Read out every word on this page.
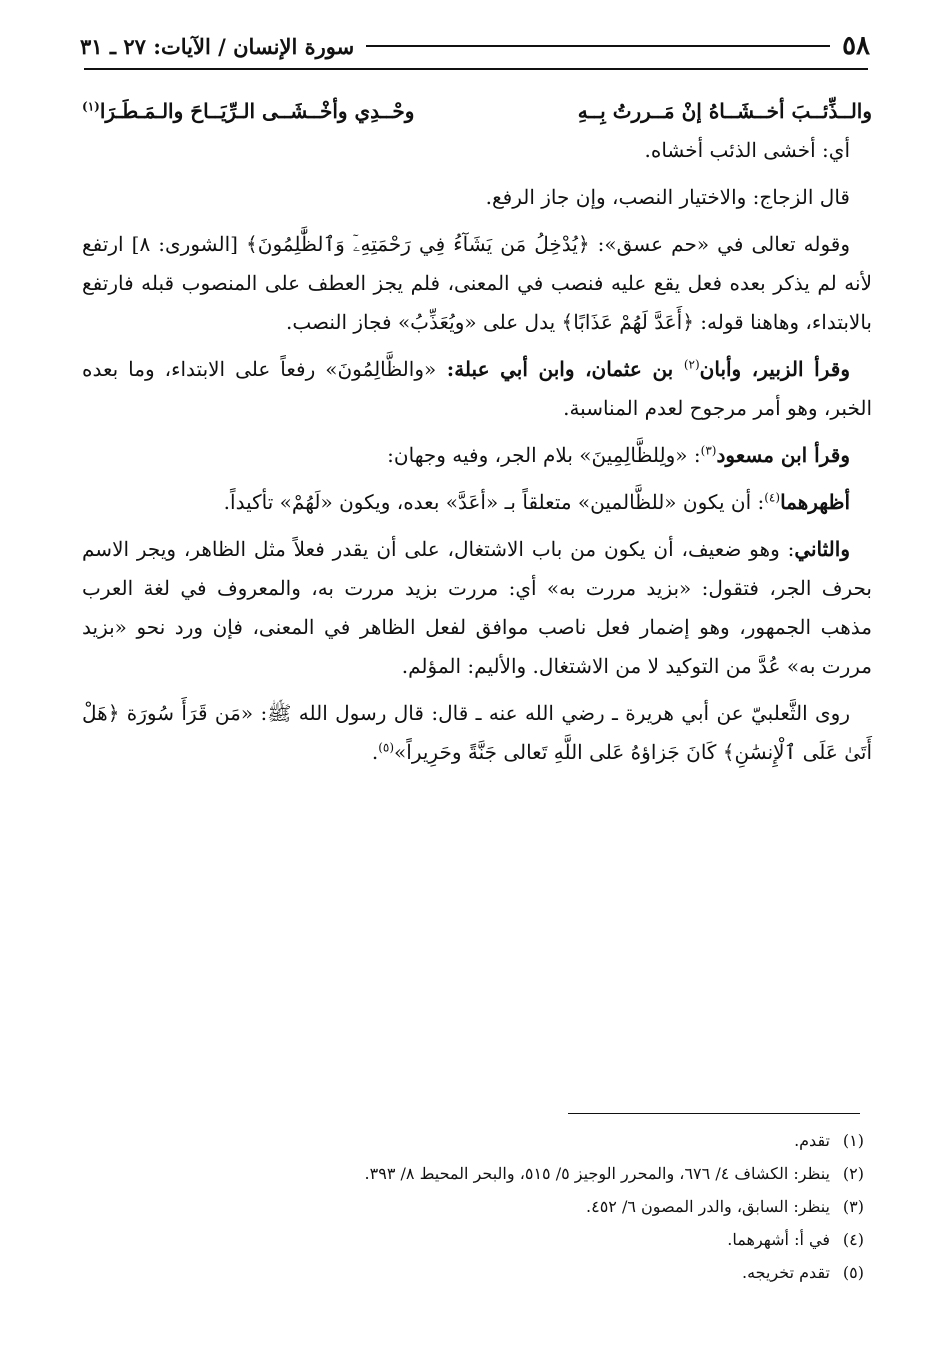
٥٨
سورة الإنسان / الآيات: ٢٧ ـ ٣١
والــذِّئــبَ أخــشَــاهُ إنْ مَــررتُ بِــهِ
وحْــدِي وأخْــشَــى الـرِّيَــاحَ والـمَـطَـرَا$^{(١)}$

أي: أخشى الذئب أخشاه.

قال الزجاج: والاختيار النصب، وإن جاز الرفع.

وقوله تعالى في «حم عسق»: ﴿يُدْخِلُ مَن يَشَآءُ فِي رَحْمَتِهِۦٓ وَٱلظَّٰلِمُونَ﴾ [الشورى: ٨] ارتفع لأنه لم يذكر بعده فعل يقع عليه فنصب في المعنى، فلم يجز العطف على المنصوب قبله فارتفع بالابتداء، وهاهنا قوله: ﴿أَعَدَّ لَهُمْ عَذَابًا﴾ يدل على «ويُعَذِّبُ» فجاز النصب.

وقرأ الزبير، وأبان$^{(٢)}$ بن عثمان، وابن أبي عبلة: «والظَّالِمُونَ» رفعاً على الابتداء، وما بعده الخبر، وهو أمر مرجوح لعدم المناسبة.

وقرأ ابن مسعود$^{(٣)}$: «ولِلظَّالِمِينَ» بلام الجر، وفيه وجهان:

أظهرهما$^{(٤)}$: أن يكون «للظَّالمين» متعلقاً بـ «أعَدَّ» بعده، ويكون «لَهُمْ» تأكيداً.

والثاني: وهو ضعيف، أن يكون من باب الاشتغال، على أن يقدر فعلاً مثل الظاهر، ويجر الاسم بحرف الجر، فتقول: «بزيد مررت به» أي: مررت بزيد مررت به، والمعروف في لغة العرب مذهب الجمهور، وهو إضمار فعل ناصب موافق لفعل الظاهر في المعنى، فإن ورد نحو «بزيد مررت به» عُدَّ من التوكيد لا من الاشتغال. والأليم: المؤلم.

روى الثَّعلبيّ عن أبي هريرة ـ رضي الله عنه ـ قال: قال رسول الله ﷺ: «مَن قَرَأَ سُورَة ﴿هَلْ أَتَىٰ عَلَى ٱلْإِنسَٰنِ﴾ كَانَ جَزاؤهُ عَلى اللَّهِ تَعالى جَنَّةً وحَرِيراً»$^{(٥)}$.

(١)تقدم.
(٢)ينظر: الكشاف ٤/ ٦٧٦، والمحرر الوجيز ٥/ ٥١٥، والبحر المحيط ٨/ ٣٩٣.
(٣)ينظر: السابق، والدر المصون ٦/ ٤٥٢.
(٤)في أ: أشهرهما.
(٥)تقدم تخريجه.
